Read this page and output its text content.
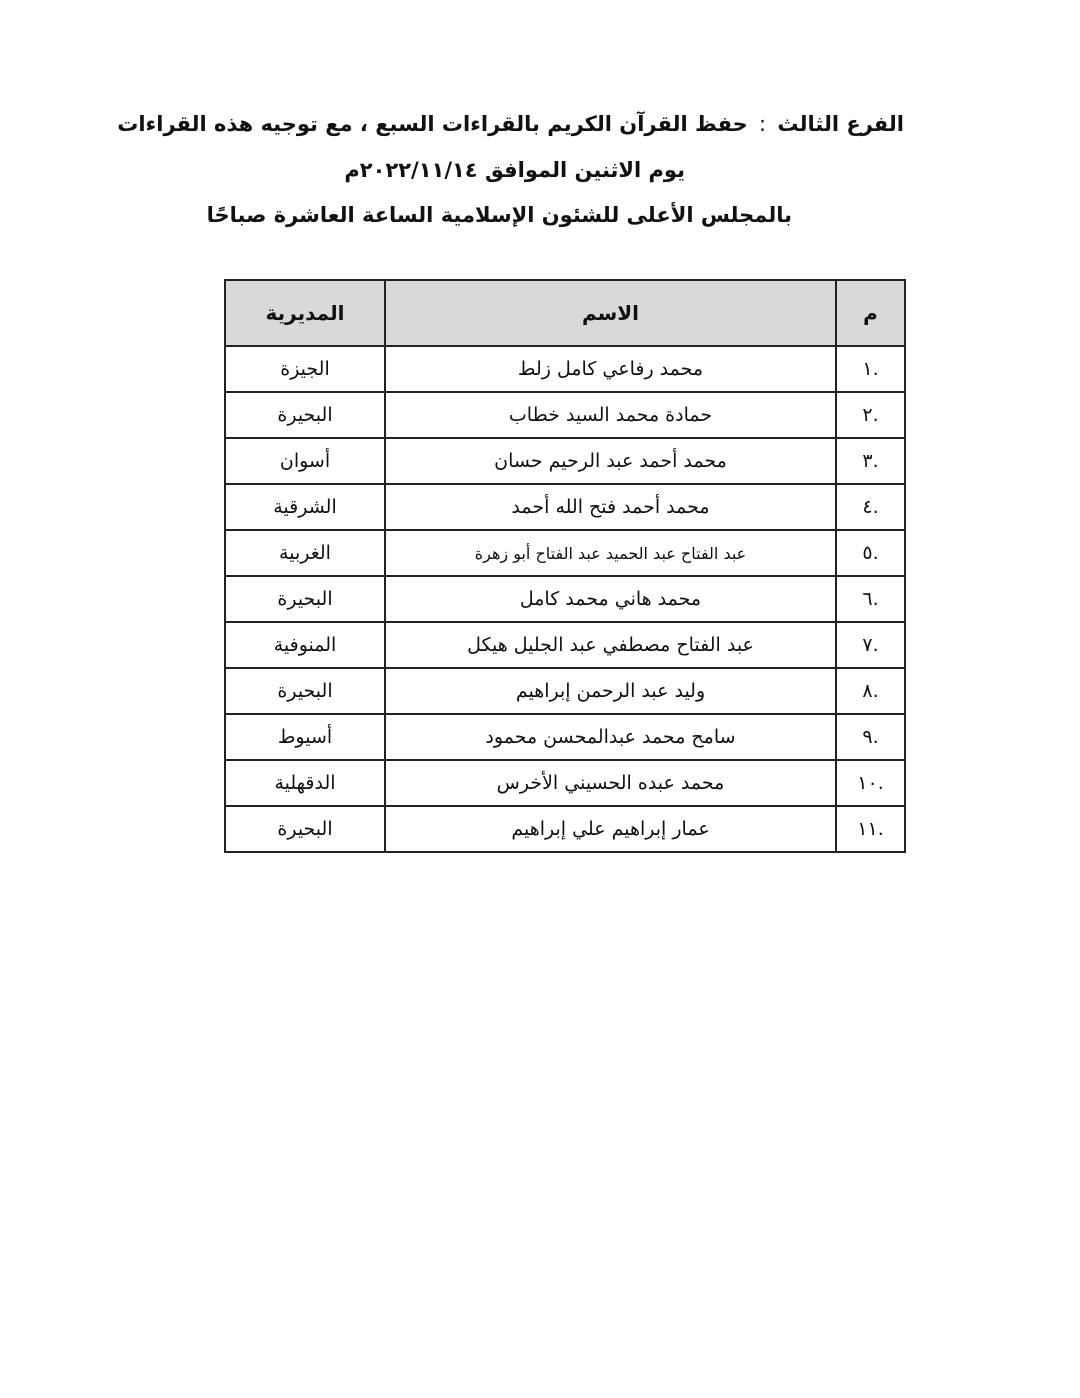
الفرع الثالث : حفظ القرآن الكريم بالقراءات السبع ، مع توجيه هذه القراءات
يوم الاثنين الموافق ٢٠٢٢/١١/١٤م
بالمجلس الأعلى للشئون الإسلامية الساعة العاشرة صباحًا
م	الاسم	المديرية
.١	محمد رفاعي كامل زلط	الجيزة
.٢	حمادة محمد السيد خطاب	البحيرة
.٣	محمد أحمد عبد الرحيم حسان	أسوان
.٤	محمد أحمد فتح الله أحمد	الشرقية
.٥	عبد الفتاح عبد الحميد عبد الفتاح أبو زهرة	الغربية
.٦	محمد هاني محمد كامل	البحيرة
.٧	عبد الفتاح مصطفي عبد الجليل هيكل	المنوفية
.٨	وليد عبد الرحمن إبراهيم	البحيرة
.٩	سامح محمد عبدالمحسن محمود	أسيوط
.١٠	محمد عبده الحسيني الأخرس	الدقهلية
.١١	عمار إبراهيم علي إبراهيم	البحيرة
